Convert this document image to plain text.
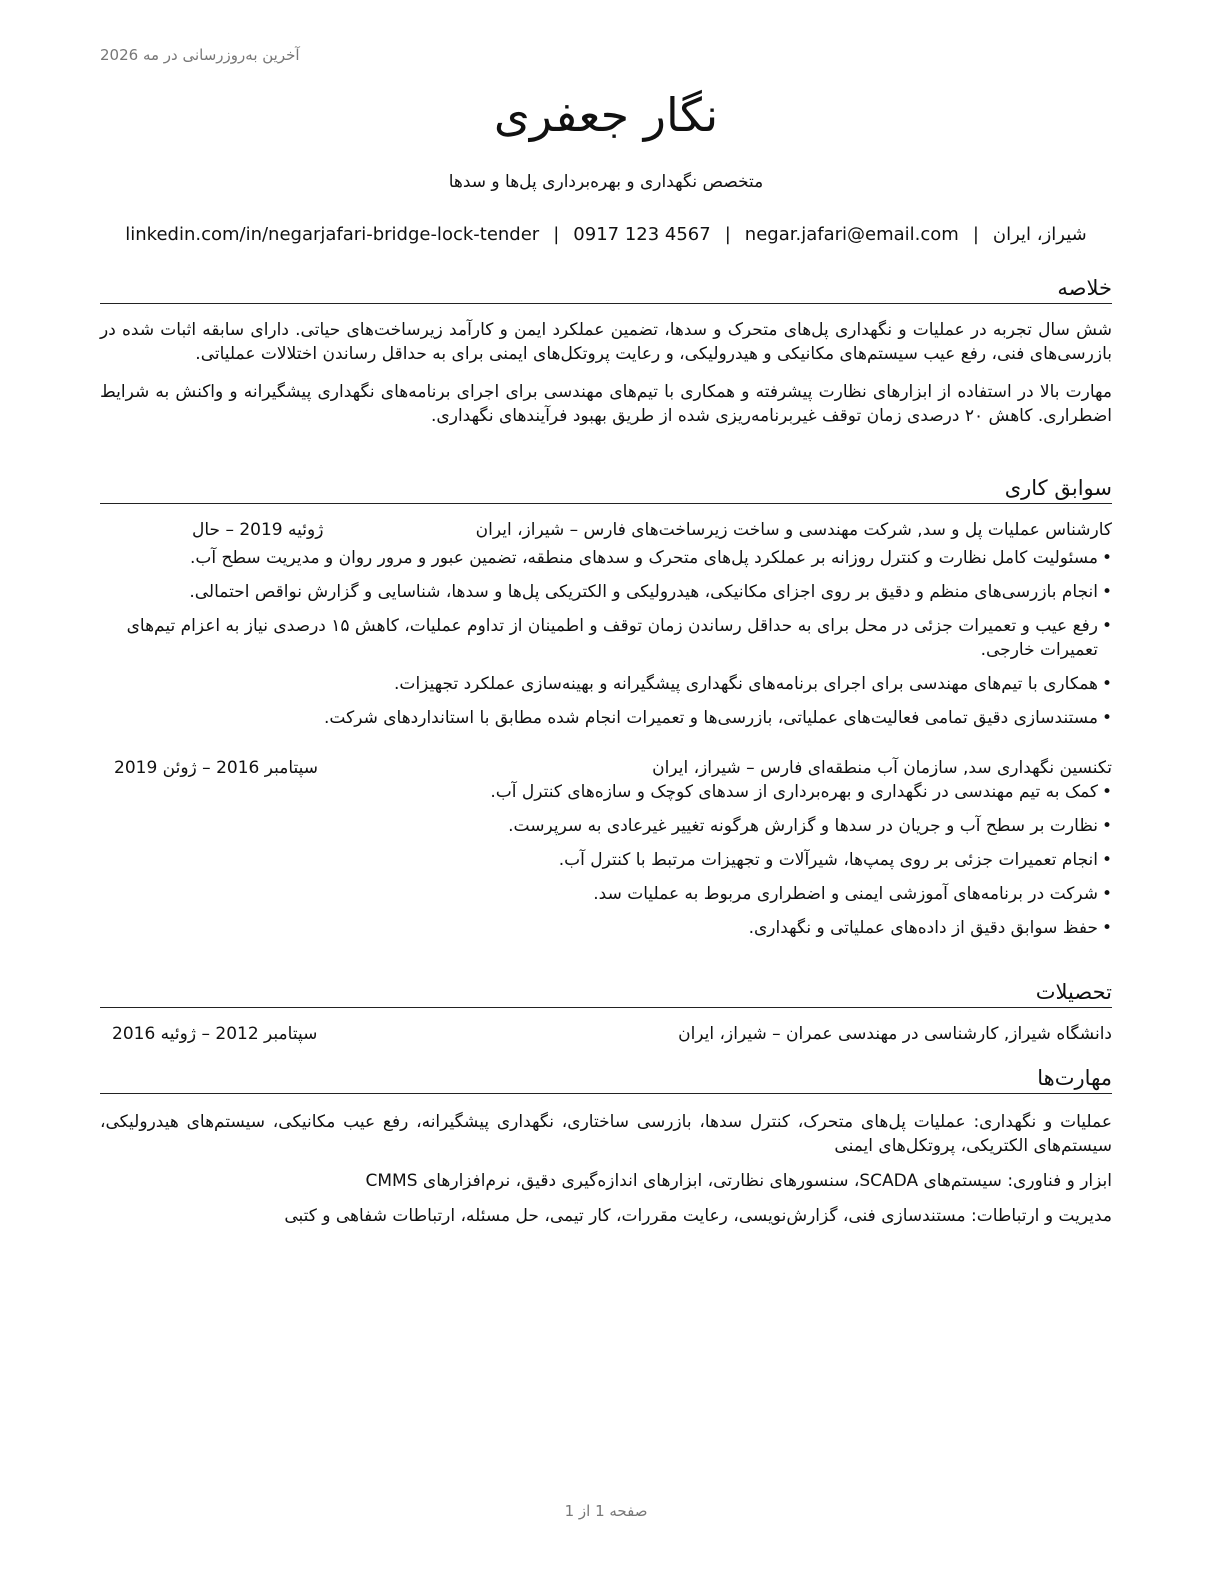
آخرین به‌روزرسانی در مه 2026
نگار جعفری
متخصص نگهداری و بهره‌برداری پل‌ها و سدها
شیراز، ایران|negar.jafari@email.com|0917 123 4567|linkedin.com/in/negarjafari-bridge-lock-tender
خلاصه

شش سال تجربه در عملیات و نگهداری پل‌های متحرک و سدها، تضمین عملکرد ایمن و کارآمد زیرساخت‌های حیاتی. دارای سابقه اثبات شده در بازرسی‌های فنی، رفع عیب سیستم‌های مکانیکی و هیدرولیکی، و رعایت پروتکل‌های ایمنی برای به حداقل رساندن اختلالات عملیاتی.

مهارت بالا در استفاده از ابزارهای نظارت پیشرفته و همکاری با تیم‌های مهندسی برای اجرای برنامه‌های نگهداری پیشگیرانه و واکنش به شرایط اضطراری. کاهش ۲۰ درصدی زمان توقف غیربرنامه‌ریزی شده از طریق بهبود فرآیندهای نگهداری.

سوابق کاری
کارشناس عملیات پل و سد, شرکت مهندسی و ساخت زیرساخت‌های فارس – شیراز، ایران
ژوئیه 2019 – حال
• مسئولیت کامل نظارت و کنترل روزانه بر عملکرد پل‌های متحرک و سدهای منطقه، تضمین عبور و مرور روان و مدیریت سطح آب.
• انجام بازرسی‌های منظم و دقیق بر روی اجزای مکانیکی، هیدرولیکی و الکتریکی پل‌ها و سدها، شناسایی و گزارش نواقص احتمالی.
• رفع عیب و تعمیرات جزئی در محل برای به حداقل رساندن زمان توقف و اطمینان از تداوم عملیات، کاهش ۱۵ درصدی نیاز به اعزام تیم‌های تعمیرات خارجی.
• همکاری با تیم‌های مهندسی برای اجرای برنامه‌های نگهداری پیشگیرانه و بهینه‌سازی عملکرد تجهیزات.
• مستندسازی دقیق تمامی فعالیت‌های عملیاتی، بازرسی‌ها و تعمیرات انجام شده مطابق با استانداردهای شرکت.
تکنسین نگهداری سد, سازمان آب منطقه‌ای فارس – شیراز، ایران
سپتامبر 2016 – ژوئن 2019
• کمک به تیم مهندسی در نگهداری و بهره‌برداری از سدهای کوچک و سازه‌های کنترل آب.
• نظارت بر سطح آب و جریان در سدها و گزارش هرگونه تغییر غیرعادی به سرپرست.
• انجام تعمیرات جزئی بر روی پمپ‌ها، شیرآلات و تجهیزات مرتبط با کنترل آب.
• شرکت در برنامه‌های آموزشی ایمنی و اضطراری مربوط به عملیات سد.
• حفظ سوابق دقیق از داده‌های عملیاتی و نگهداری.
تحصیلات
دانشگاه شیراز, کارشناسی در مهندسی عمران – شیراز، ایران
سپتامبر 2012 – ژوئیه 2016
مهارت‌ها

عملیات و نگهداری: عملیات پل‌های متحرک، کنترل سدها، بازرسی ساختاری، نگهداری پیشگیرانه، رفع عیب مکانیکی، سیستم‌های هیدرولیکی، سیستم‌های الکتریکی، پروتکل‌های ایمنی

ابزار و فناوری: سیستم‌های SCADA، سنسورهای نظارتی، ابزارهای اندازه‌گیری دقیق، نرم‌افزارهای CMMS

مدیریت و ارتباطات: مستندسازی فنی، گزارش‌نویسی، رعایت مقررات، کار تیمی، حل مسئله، ارتباطات شفاهی و کتبی

صفحه 1 از 1
